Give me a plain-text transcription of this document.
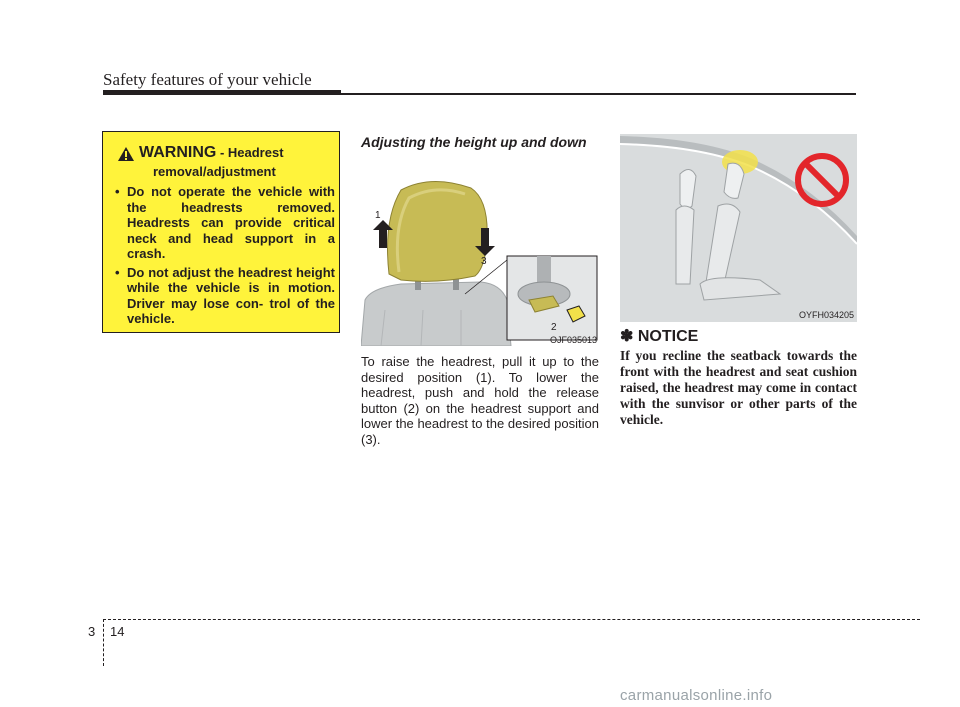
Safety features of your vehicle
WARNING - Headrest
removal/adjustment
• Do not operate the vehicle with the headrests removed. Headrests can provide critical neck and head support in a crash.
• Do not adjust the headrest height while the vehicle is in motion. Driver may lose con- trol of the vehicle.
Adjusting the height up and down
1
3
2
OJF035013

To raise the headrest, pull it up to the desired position (1). To lower the headrest, push and hold the release button (2) on the headrest support and lower the headrest to the desired position (3).

OYFH034205
✽ NOTICE

If you recline the seatback towards the front with the headrest and seat cushion raised, the headrest may come in contact with the sunvisor or other parts of the vehicle.

3 14
carmanualsonline.info
